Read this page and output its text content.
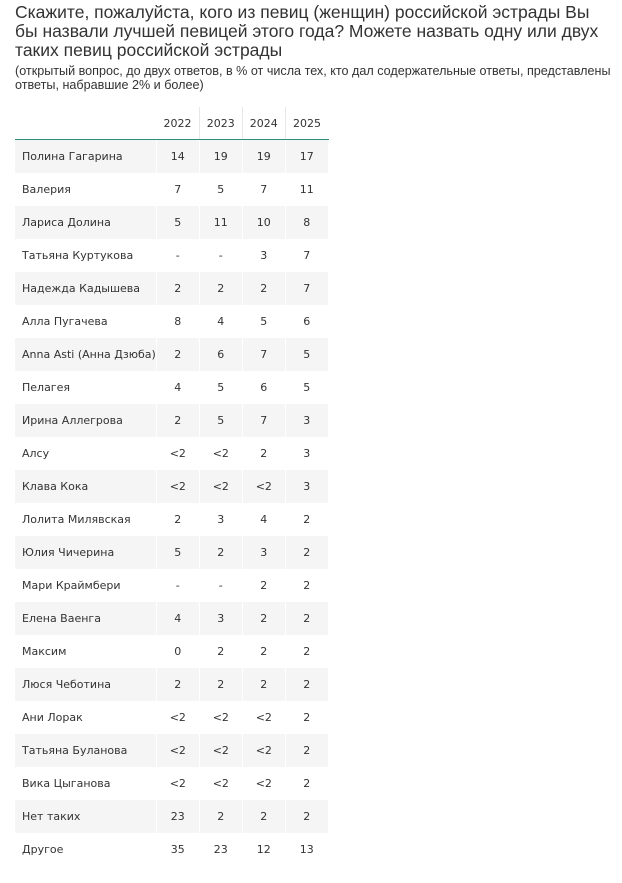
Скажите, пожалуйста, кого из певиц (женщин) российской эстрады Вы бы назвали лучшей певицей этого года? Можете назвать одну или двух таких певиц российской эстрады

(открытый вопрос, до двух ответов, в % от числа тех, кто дал содержательные ответы, представлены ответы, набравшие 2% и более)

	2022	2023	2024	2025
Полина Гагарина	14	19	19	17
Валерия	7	5	7	11
Лариса Долина	5	11	10	8
Татьяна Куртукова	-	-	3	7
Надежда Кадышева	2	2	2	7
Алла Пугачева	8	4	5	6
Anna Asti (Анна Дзюба)	2	6	7	5
Пелагея	4	5	6	5
Ирина Аллегрова	2	5	7	3
Алсу	<2	<2	2	3
Клава Кока	<2	<2	<2	3
Лолита Милявская	2	3	4	2
Юлия Чичерина	5	2	3	2
Мари Краймбери	-	-	2	2
Елена Ваенга	4	3	2	2
Максим	0	2	2	2
Люся Чеботина	2	2	2	2
Ани Лорак	<2	<2	<2	2
Татьяна Буланова	<2	<2	<2	2
Вика Цыганова	<2	<2	<2	2
Нет таких	23	2	2	2
Другое	35	23	12	13
